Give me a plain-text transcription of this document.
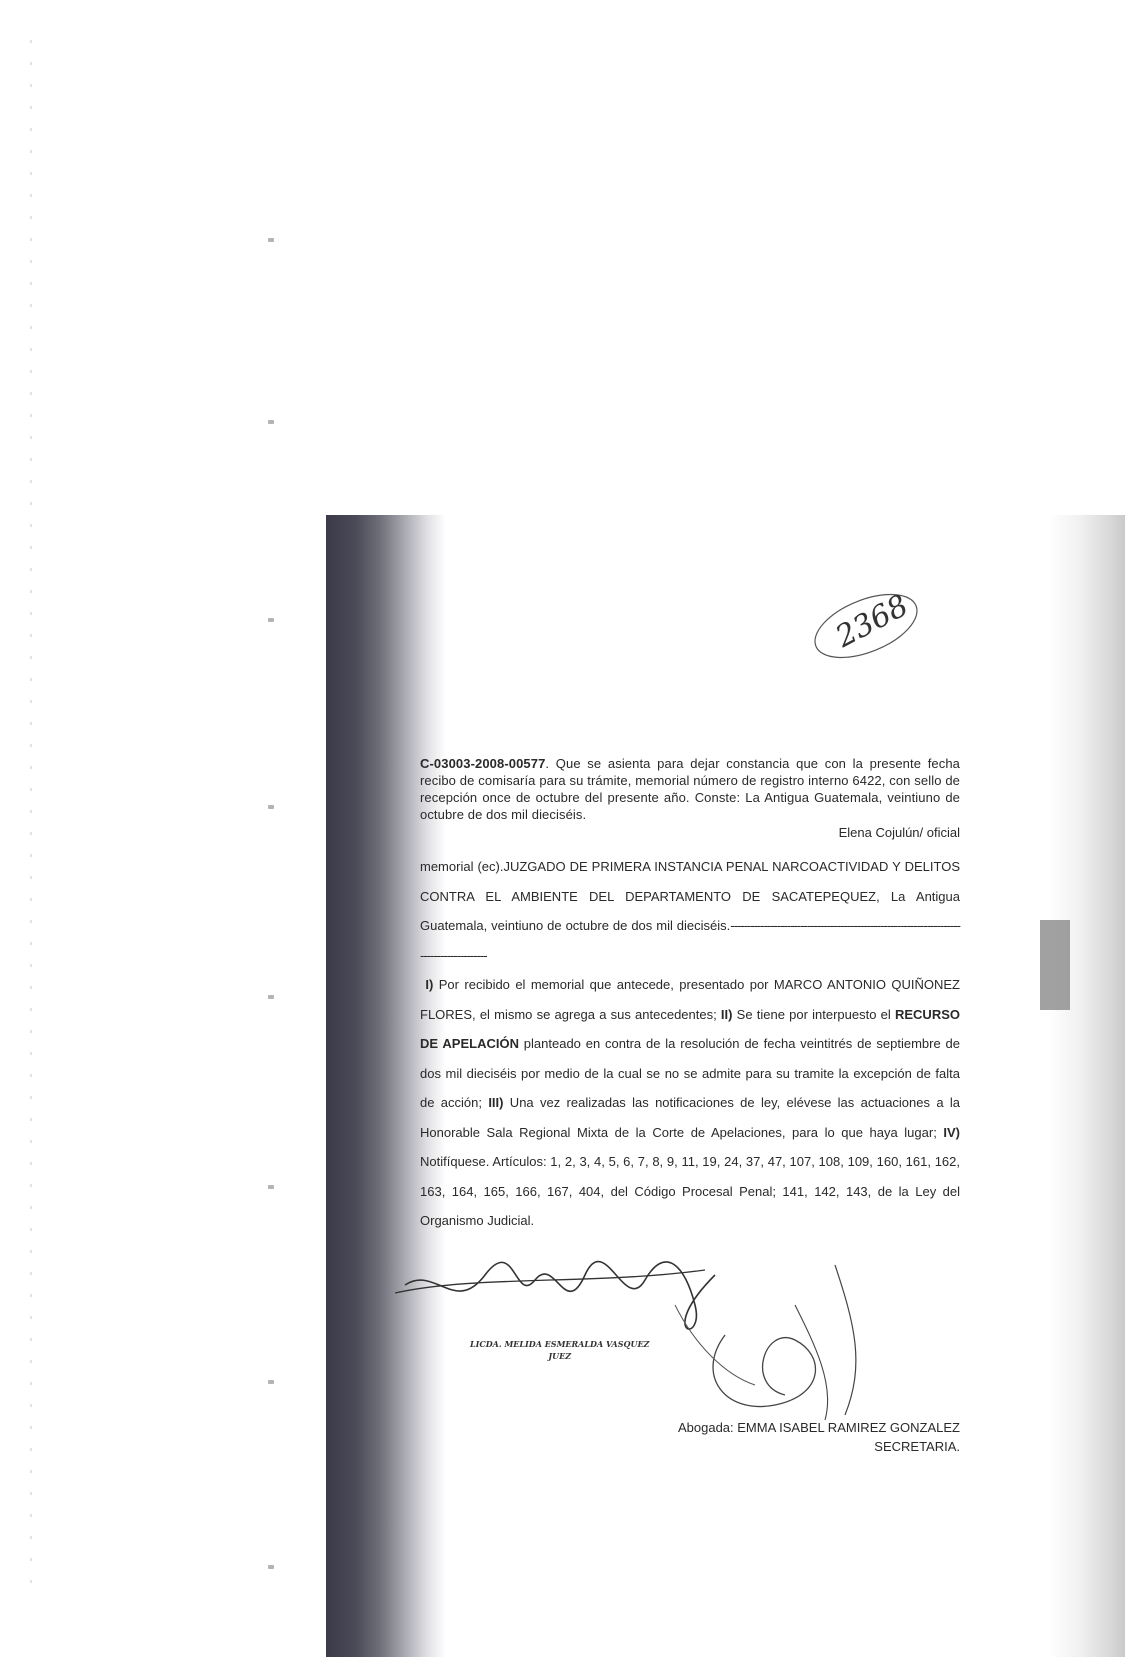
2368
C-03003-2008-00577. Que se asienta para dejar constancia que con la presente fecha recibo de comisaría para su trámite, memorial número de registro interno 6422, con sello de recepción once de octubre del presente año. Conste: La Antigua Guatemala, veintiuno de octubre de dos mil dieciséis.
Elena Cojulún/ oficial
memorial (ec).JUZGADO DE PRIMERA INSTANCIA PENAL NARCOACTIVIDAD Y DELITOS CONTRA EL AMBIENTE DEL DEPARTAMENTO DE SACATEPEQUEZ, La Antigua Guatemala, veintiuno de octubre de dos mil dieciséis.-----------------------------------------------------------------------------------------
I) Por recibido el memorial que antecede, presentado por MARCO ANTONIO QUIÑONEZ FLORES, el mismo se agrega a sus antecedentes; II) Se tiene por interpuesto el RECURSO DE APELACIÓN planteado en contra de la resolución de fecha veintitrés de septiembre de dos mil dieciséis por medio de la cual se no se admite para su tramite la excepción de falta de acción; III) Una vez realizadas las notificaciones de ley, elévese las actuaciones a la Honorable Sala Regional Mixta de la Corte de Apelaciones, para lo que haya lugar; IV) Notifíquese. Artículos: 1, 2, 3, 4, 5, 6, 7, 8, 9, 11, 19, 24, 37, 47, 107, 108, 109, 160, 161, 162, 163, 164, 165, 166, 167, 404, del Código Procesal Penal; 141, 142, 143, de la Ley del Organismo Judicial.
LICDA. MELIDA ESMERALDA VASQUEZ
JUEZ
Abogada: EMMA ISABEL RAMIREZ GONZALEZ
SECRETARIA.
